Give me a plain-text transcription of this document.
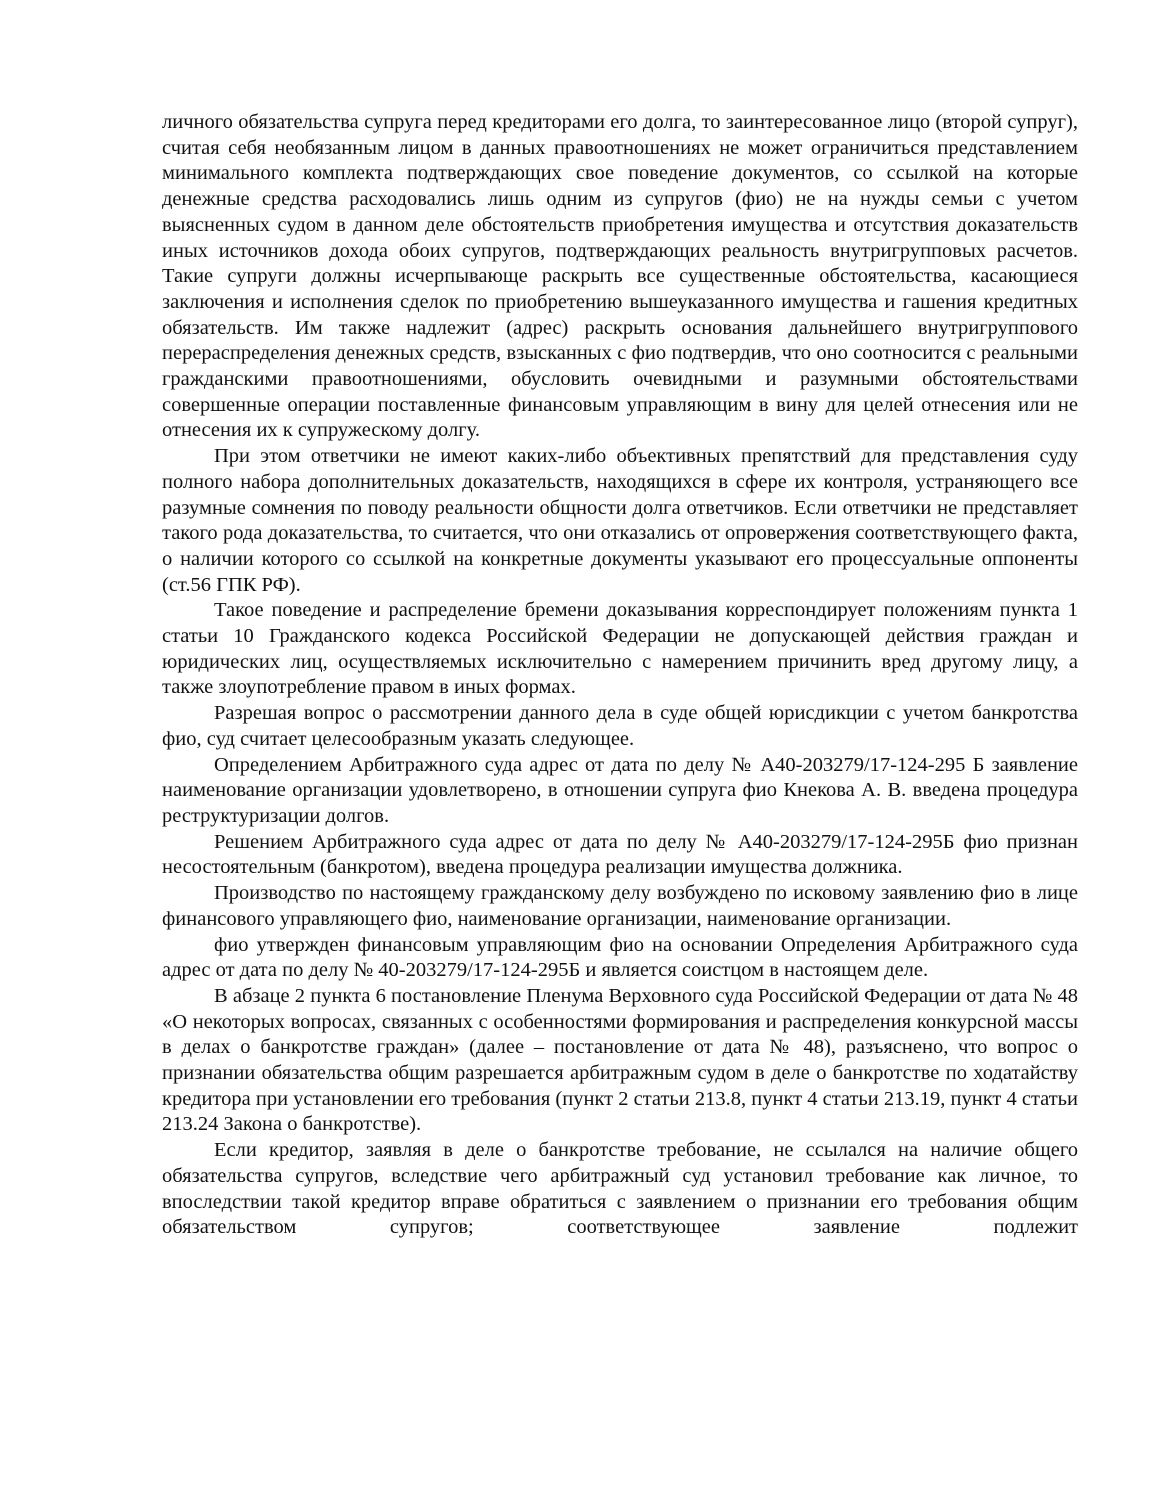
личного обязательства супруга перед кредиторами его долга, то заинтересованное лицо (второй супруг), считая себя необязанным лицом в данных правоотношениях не может ограничиться представлением минимального комплекта подтверждающих свое поведение документов, со ссылкой на которые денежные средства расходовались лишь одним из супругов (фио) не на нужды семьи с учетом выясненных судом в данном деле обстоятельств приобретения имущества и отсутствия доказательств иных источников дохода обоих супругов, подтверждающих реальность внутригрупповых расчетов. Такие супруги должны исчерпывающе раскрыть все существенные обстоятельства, касающиеся заключения и исполнения сделок по приобретению вышеуказанного имущества и гашения кредитных обязательств. Им также надлежит (адрес) раскрыть основания дальнейшего внутригруппового перераспределения денежных средств, взысканных с фио подтвердив, что оно соотносится с реальными гражданскими правоотношениями, обусловить очевидными и разумными обстоятельствами совершенные операции поставленные финансовым управляющим в вину для целей отнесения или не отнесения их к супружескому долгу.

При этом ответчики не имеют каких-либо объективных препятствий для представления суду полного набора дополнительных доказательств, находящихся в сфере их контроля, устраняющего все разумные сомнения по поводу реальности общности долга ответчиков. Если ответчики не представляет такого рода доказательства, то считается, что они отказались от опровержения соответствующего факта, о наличии которого со ссылкой на конкретные документы указывают его процессуальные оппоненты (ст.56 ГПК РФ).

Такое поведение и распределение бремени доказывания корреспондирует положениям пункта 1 статьи 10 Гражданского кодекса Российской Федерации не допускающей действия граждан и юридических лиц, осуществляемых исключительно с намерением причинить вред другому лицу, а также злоупотребление правом в иных формах.

Разрешая вопрос о рассмотрении данного дела в суде общей юрисдикции с учетом банкротства фио, суд считает целесообразным указать следующее.

Определением Арбитражного суда адрес от дата по делу № А40-203279/17-124-295 Б заявление наименование организации удовлетворено, в отношении супруга фио Кнекова А. В. введена процедура реструктуризации долгов.

Решением Арбитражного суда адрес от дата по делу № А40-203279/17-124-295Б фио признан несостоятельным (банкротом), введена процедура реализации имущества должника.

Производство по настоящему гражданскому делу возбуждено по исковому заявлению фио в лице финансового управляющего фио, наименование организации, наименование организации.

фио утвержден финансовым управляющим фио на основании Определения Арбитражного суда адрес от дата по делу № 40-203279/17-124-295Б и является соистцом в настоящем деле.

В абзаце 2 пункта 6 постановление Пленума Верховного суда Российской Федерации от дата № 48 «О некоторых вопросах, связанных с особенностями формирования и распределения конкурсной массы в делах о банкротстве граждан» (далее – постановление от дата № 48), разъяснено, что вопрос о признании обязательства общим разрешается арбитражным судом в деле о банкротстве по ходатайству кредитора при установлении его требования (пункт 2 статьи 213.8, пункт 4 статьи 213.19, пункт 4 статьи 213.24 Закона о банкротстве).

Если кредитор, заявляя в деле о банкротстве требование, не ссылался на наличие общего обязательства супругов, вследствие чего арбитражный суд установил требование как личное, то впоследствии такой кредитор вправе обратиться с заявлением о признании его требования общим обязательством супругов; соответствующее заявление подлежит
